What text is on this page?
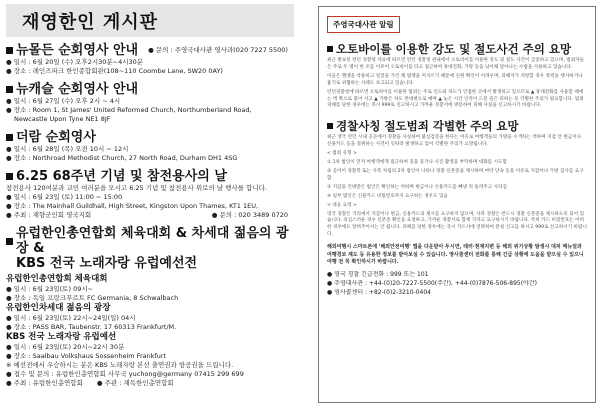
재영한인 게시판
뉴몰든 순회영사 안내 ● 문의 : 주영국대사관 영사과(020 7227 5500)
● 일시 : 6월 20일 (수) 오후2시30분~4시30분
● 장소 : 레인즈파크 한인종합회관(108~110 Coombe Lane, SW20 0AY)
뉴캐슬 순회영사 안내
● 일시 : 6월 27일 (수) 오후 2시 ~ 4시
● 장소 : Room 1, St James' United Reformed Church, Northumberland Road,
Newcastle Upon Tyne NE1 8JF
더람 순회영사
● 일시 : 6월 28일 (목) 오전 10시 ~ 12시
● 장소 : Northroad Methodist Church, 27 North Road, Durham DH1 4SG
6.25 68주년 기념 및 참전용사의 날
참전용사 120여분과 교민 여러분을 모시고 6.25 기념 및 참전용사 위로의 날 행사를 합니다.
● 일시 : 6월 23일 (토) 11:00 ~ 15:00
● 장소 : The Mainhall Guildhall, High Street, Kingston Upon Thames, KT1 1EU,
● 주최 : 재향군인회 영국지회	● 문의 : 020 3489 0720
유럽한인총연합회 체육대회 & 차세대 젊음의 광장 &
KBS 전국 노래자랑 유럽예선전
유럽한인총연합회 체육대회
● 일시 : 6월 23일(토) 09시~
● 장소 : 독일 프랑크푸르트 FC Germania, 8 Schwalbach
유럽한인차세대 젊음의 광장
● 일시 : 6월 23일(토) 22시~24일(일) 04시
● 장소 : PASS BAR, Taubenstr. 17 60313 Frankfurt/M.
KBS 전국 노래자랑 유럽예선
● 일시 : 6월 23일(토) 20시~22시 30분
● 장소 : Saalbau Volkshaus Sossenheim Frankfurt
※ 예선전에서 우승하시는 분은 KBS 노래자랑 본선 출연권과 항공권을 드립니다.
● 접수 및 문의 : 유럽한인총연합회 사무국 yuchong@germany 07415 299 699
● 주최 : 유럽한인총연합회 ● 주관 : 재독한인총연합회
주영국대사관 알림
오토바이를 이용한 강도 및 절도사건 주의 요망

최근 발표된 런던 경찰청 자료에 따르면 런던 경찰청 관내에서 오토바이를 이용한 강도 및 절도 사건이 급증하고 있으며, 범죄자들은 주로 두 명이 한 조를 이루어 오토바이를 타고 접근하여 휴대전화, 가방 등을 낚아채 달아나는 수법을 사용하고 있습니다.

이들은 헬멧을 착용하고 얼굴을 가린 채 범행을 저지르기 때문에 신원 확인이 어려우며, 피해자가 저항할 경우 폭력을 행사하거나 흉기로 위협하는 사례도 보고되고 있습니다.

런던경찰청에 따르면 오토바이를 이용한 범죄는 주로 인도와 차도가 인접한 곳에서 발생하고 있으므로 ▲ 휴대전화를 사용할 때에는 벽 쪽으로 붙어 서고 ▲ 가방은 차도 반대편으로 메며 ▲ 늦은 시간 인적이 드문 길은 피하는 등 각별한 주의가 필요합니다. 범죄 피해를 당한 경우에는 즉시 999로 신고하시고 가까운 경찰서에 방문하여 피해 사실을 신고하시기 바랍니다.

경찰사칭 절도범죄 각별한 주의 요망

최근 영국 런던 시내 곳곳에서 경찰을 사칭하여 불심검문을 한다는 이유로 여행객들의 가방을 수색하는 척하며 지갑 안 현금이나 신용카드 등을 절취하는 사건이 잇따라 발생하고 있어 각별한 주의가 요망됩니다.

< 범죄 유형 >

① 1차 범인이 먼저 여행객에게 접근하여 길을 묻거나 사진 촬영을 부탁하며 대화를 시도함

② 곧이어 경찰복 또는 사복 차림의 2차 범인이 나타나 경찰 신분증을 제시하며 마약 단속 등을 이유로 지갑이나 가방 검사를 요구함

③ 지갑을 건네받은 범인은 확인하는 척하며 현금이나 신용카드를 빼낸 뒤 돌려주고 사라짐

④ 일부 범인은 신용카드 비밀번호까지 요구하는 경우도 있음

< 대응 요령 >

영국 경찰은 거리에서 지갑이나 현금, 신용카드의 제시를 요구하지 않으며, 사복 경찰은 반드시 경찰 신분증을 제시하도록 되어 있습니다. 의심스러운 경우 신분증 확인을 요청하고, 가까운 경찰서로 함께 가자고 요구하시기 바랍니다. 특히 카드 비밀번호는 어떠한 경우에도 알려주어서는 안 됩니다. 피해를 당한 경우에는 즉시 카드사에 연락하여 분실 신고를 하시고 999로 신고하시기 바랍니다.

해외여행시 스마트폰에 '해외안전여행' 앱을 다운받아 두시면, 테러·천재지변 등 해외 위기상황 발생시 대처 매뉴얼과 여행경보 제도 등 유용한 정보를 받아보실 수 있습니다. 영사콜센터 전화를 통해 긴급 상황에 도움을 받으실 수 있으니 여행 전 꼭 확인하시기 바랍니다.

● 영국 경찰 긴급전화 : 999 또는 101
● 주영대사관 : +44-(0)20-7227-5500(주간), +44-(0)7876-506-895(야간)
● 영사콜센터 : +82-(0)2-3210-0404
